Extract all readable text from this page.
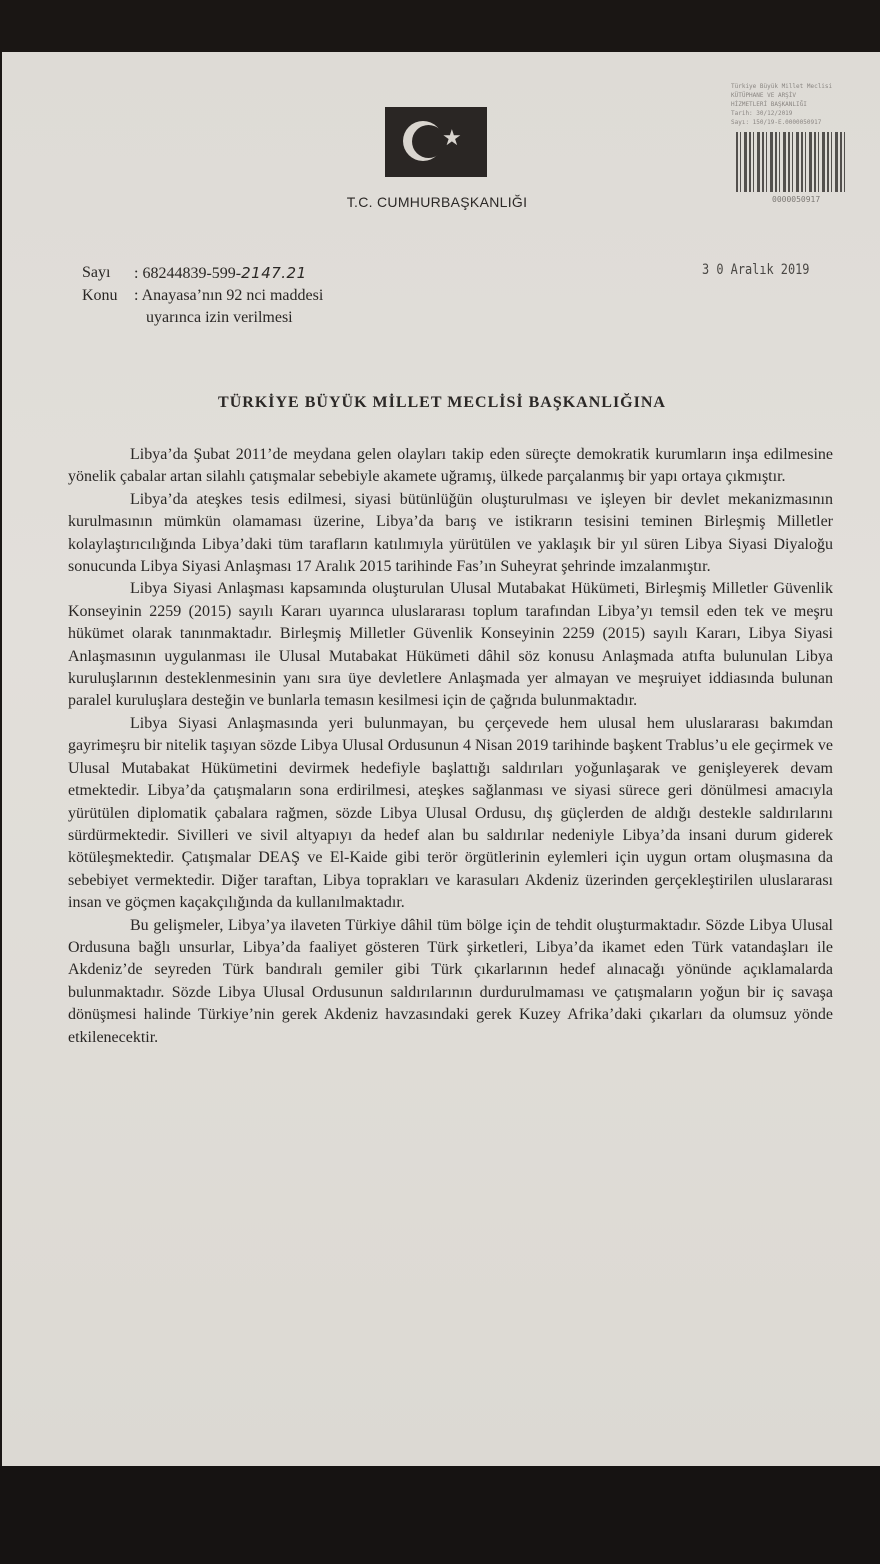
★
T.C. CUMHURBAŞKANLIĞI
Türkiye Büyük Millet Meclisi
KÜTÜPHANE VE ARŞİV
HİZMETLERİ BAŞKANLIĞI
Tarih: 30/12/2019
Sayı: 150/19-E.0000050917
0000050917
Sayı	: 68244839-599-2147.21
Konu	: Anayasa’nın 92 nci maddesi
uyarınca izin verilmesi
3 0 Aralık 2019
TÜRKİYE BÜYÜK MİLLET MECLİSİ BAŞKANLIĞINA

Libya’da Şubat 2011’de meydana gelen olayları takip eden süreçte demokratik kurumların inşa edilmesine yönelik çabalar artan silahlı çatışmalar sebebiyle akamete uğramış, ülkede parçalanmış bir yapı ortaya çıkmıştır.

Libya’da ateşkes tesis edilmesi, siyasi bütünlüğün oluşturulması ve işleyen bir devlet mekanizmasının kurulmasının mümkün olamaması üzerine, Libya’da barış ve istikrarın tesisini teminen Birleşmiş Milletler kolaylaştırıcılığında Libya’daki tüm tarafların katılımıyla yürütülen ve yaklaşık bir yıl süren Libya Siyasi Diyaloğu sonucunda Libya Siyasi Anlaşması 17 Aralık 2015 tarihinde Fas’ın Suheyrat şehrinde imzalanmıştır.

Libya Siyasi Anlaşması kapsamında oluşturulan Ulusal Mutabakat Hükümeti, Birleşmiş Milletler Güvenlik Konseyinin 2259 (2015) sayılı Kararı uyarınca uluslararası toplum tarafından Libya’yı temsil eden tek ve meşru hükümet olarak tanınmaktadır. Birleşmiş Milletler Güvenlik Konseyinin 2259 (2015) sayılı Kararı, Libya Siyasi Anlaşmasının uygulanması ile Ulusal Mutabakat Hükümeti dâhil söz konusu Anlaşmada atıfta bulunulan Libya kuruluşlarının desteklenmesinin yanı sıra üye devletlere Anlaşmada yer almayan ve meşruiyet iddiasında bulunan paralel kuruluşlara desteğin ve bunlarla temasın kesilmesi için de çağrıda bulunmaktadır.

Libya Siyasi Anlaşmasında yeri bulunmayan, bu çerçevede hem ulusal hem uluslararası bakımdan gayrimeşru bir nitelik taşıyan sözde Libya Ulusal Ordusunun 4 Nisan 2019 tarihinde başkent Trablus’u ele geçirmek ve Ulusal Mutabakat Hükümetini devirmek hedefiyle başlattığı saldırıları yoğunlaşarak ve genişleyerek devam etmektedir. Libya’da çatışmaların sona erdirilmesi, ateşkes sağlanması ve siyasi sürece geri dönülmesi amacıyla yürütülen diplomatik çabalara rağmen, sözde Libya Ulusal Ordusu, dış güçlerden de aldığı destekle saldırılarını sürdürmektedir. Sivilleri ve sivil altyapıyı da hedef alan bu saldırılar nedeniyle Libya’da insani durum giderek kötüleşmektedir. Çatışmalar DEAŞ ve El-Kaide gibi terör örgütlerinin eylemleri için uygun ortam oluşmasına da sebebiyet vermektedir. Diğer taraftan, Libya toprakları ve karasuları Akdeniz üzerinden gerçekleştirilen uluslararası insan ve göçmen kaçakçılığında da kullanılmaktadır.

Bu gelişmeler, Libya’ya ilaveten Türkiye dâhil tüm bölge için de tehdit oluşturmaktadır. Sözde Libya Ulusal Ordusuna bağlı unsurlar, Libya’da faaliyet gösteren Türk şirketleri, Libya’da ikamet eden Türk vatandaşları ile Akdeniz’de seyreden Türk bandıralı gemiler gibi Türk çıkarlarının hedef alınacağı yönünde açıklamalarda bulunmaktadır. Sözde Libya Ulusal Ordusunun saldırılarının durdurulmaması ve çatışmaların yoğun bir iç savaşa dönüşmesi halinde Türkiye’nin gerek Akdeniz havzasındaki gerek Kuzey Afrika’daki çıkarları da olumsuz yönde etkilenecektir.
